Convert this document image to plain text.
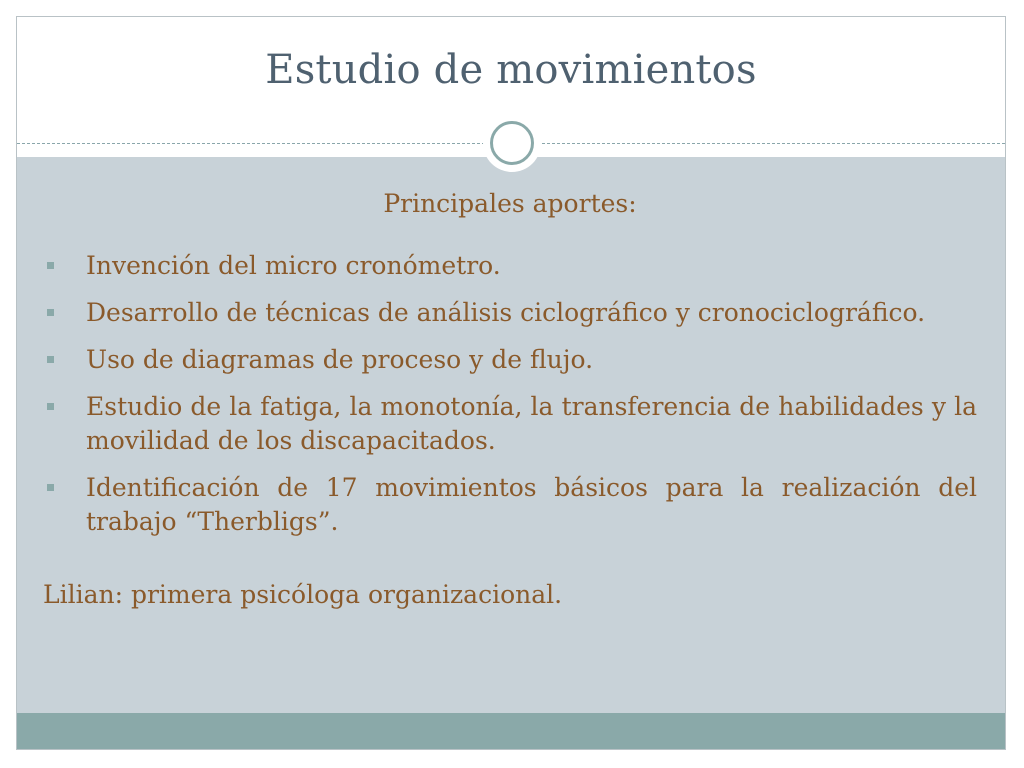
Estudio de movimientos
Principales aportes:
Invención del micro cronómetro.
Desarrollo de técnicas de análisis ciclográfico y cronociclográfico.
Uso de diagramas de proceso y de flujo.
Estudio de la fatiga, la monotonía, la transferencia de habilidades y la movilidad de los discapacitados.
Identificación de 17 movimientos básicos para la realización del trabajo “Therbligs”.
Lilian: primera psicóloga organizacional.
